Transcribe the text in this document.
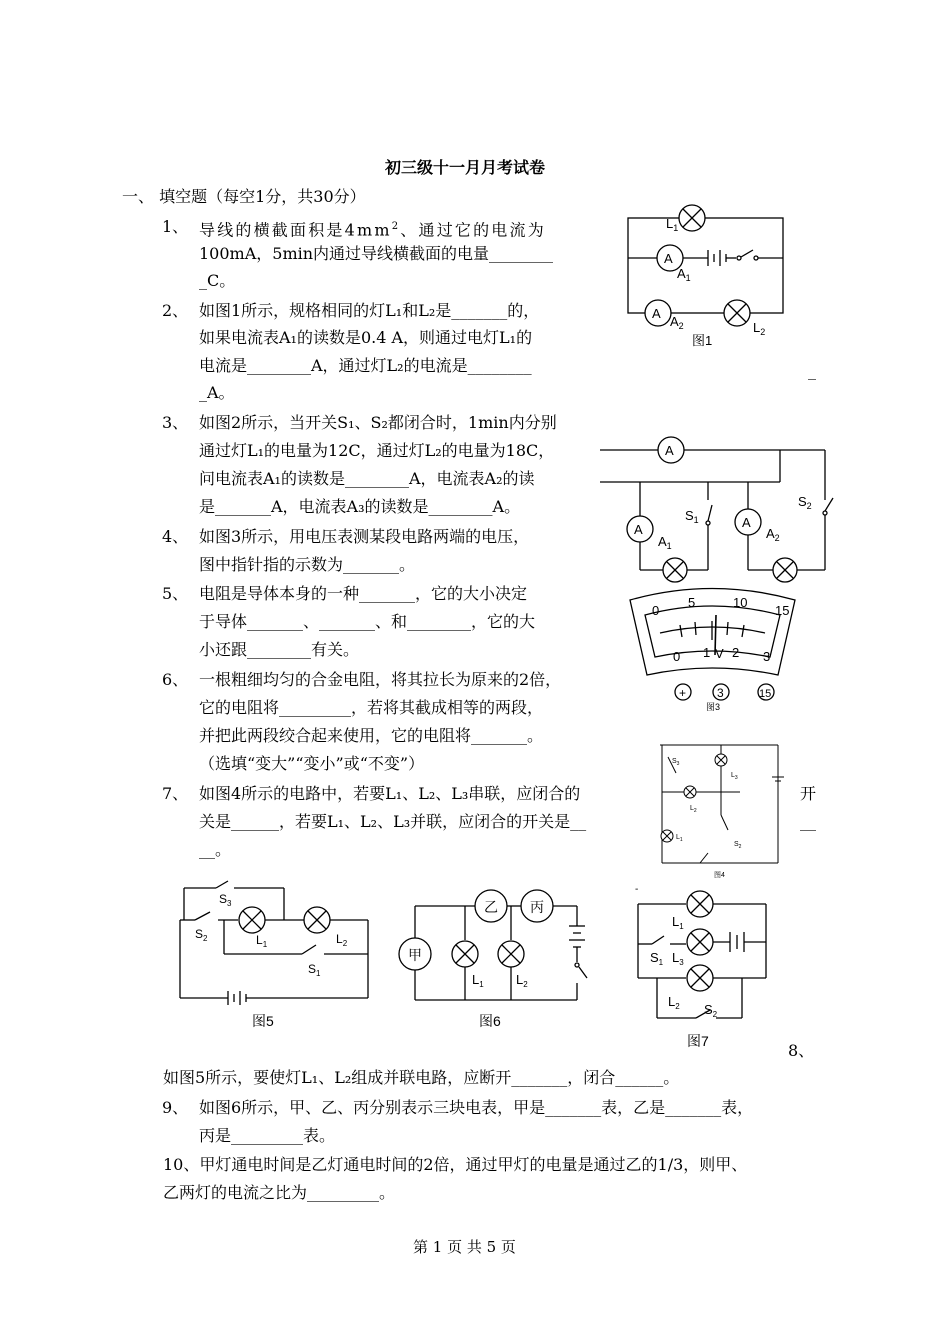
初三级十一月月考试卷
一、 填空题（每空1分，共30分）
1、 导线的横截面积是$4mm^2$、通过它的电流为
100mA，5min内通过导线横截面的电量________
_C。
2、 如图1所示，规格相同的灯L₁和L₂是_______的，
如果电流表A₁的读数是0.4 A，则通过电灯L₁的
电流是________A，通过灯L₂的电流是________
_A。
_
3、 如图2所示，当开关S₁、S₂都闭合时，1min内分别
通过灯L₁的电量为12C，通过灯L₂的电量为18C，
问电流表A₁的读数是________A，电流表A₂的读
是_______A，电流表A₃的读数是________A。
4、 如图3所示，用电压表测某段电路两端的电压，
图中指针指的示数为_______。
5、 电阻是导体本身的一种_______，它的大小决定
于导体_______、_______、和________，它的大
小还跟________有关。
6、 一根粗细均匀的合金电阻，将其拉长为原来的2倍，
它的电阻将_________，若将其截成相等的两段，
并把此两段绞合起来使用，它的电阻将_______。
（选填“变大”“变小”或“不变”）
7、 如图4所示的电路中，若要L₁、L₂、L₃串联，应闭合的	开
关是______，若要L₁、L₂、L₃并联，应闭合的开关是__	__
__。
8、
如图5所示，要使灯L₁、L₂组成并联电路，应断开_______，闭合______。
9、 如图6所示，甲、乙、丙分别表示三块电表，甲是_______表，乙是_______表，
丙是_________表。
10、甲灯通电时间是乙灯通电时间的2倍，通过甲灯的电量是通过乙的1/3，则甲、
乙两灯的电流之比为_________。
第 1 页 共 5 页
A
A
$L_1$
$A_1$
$A_2$	$L_2$
图1
A
A	A
$A_1$
$A_2$
$S_1$
$S_2$
0
5	10
15
0 1 V 2 3
+	3	15
图3
$S_3$
$L_3$
$L_2$
$S_2$
$L_1$
图4
$S_3$
$S_2$	$L_1$	$L_2$
$S_1$
图5
乙 丙
甲
$L_1$ $L_2$
图6
-
$L_1$
$S_1$ $L_3$
$L_2$ $S_2$
图7
